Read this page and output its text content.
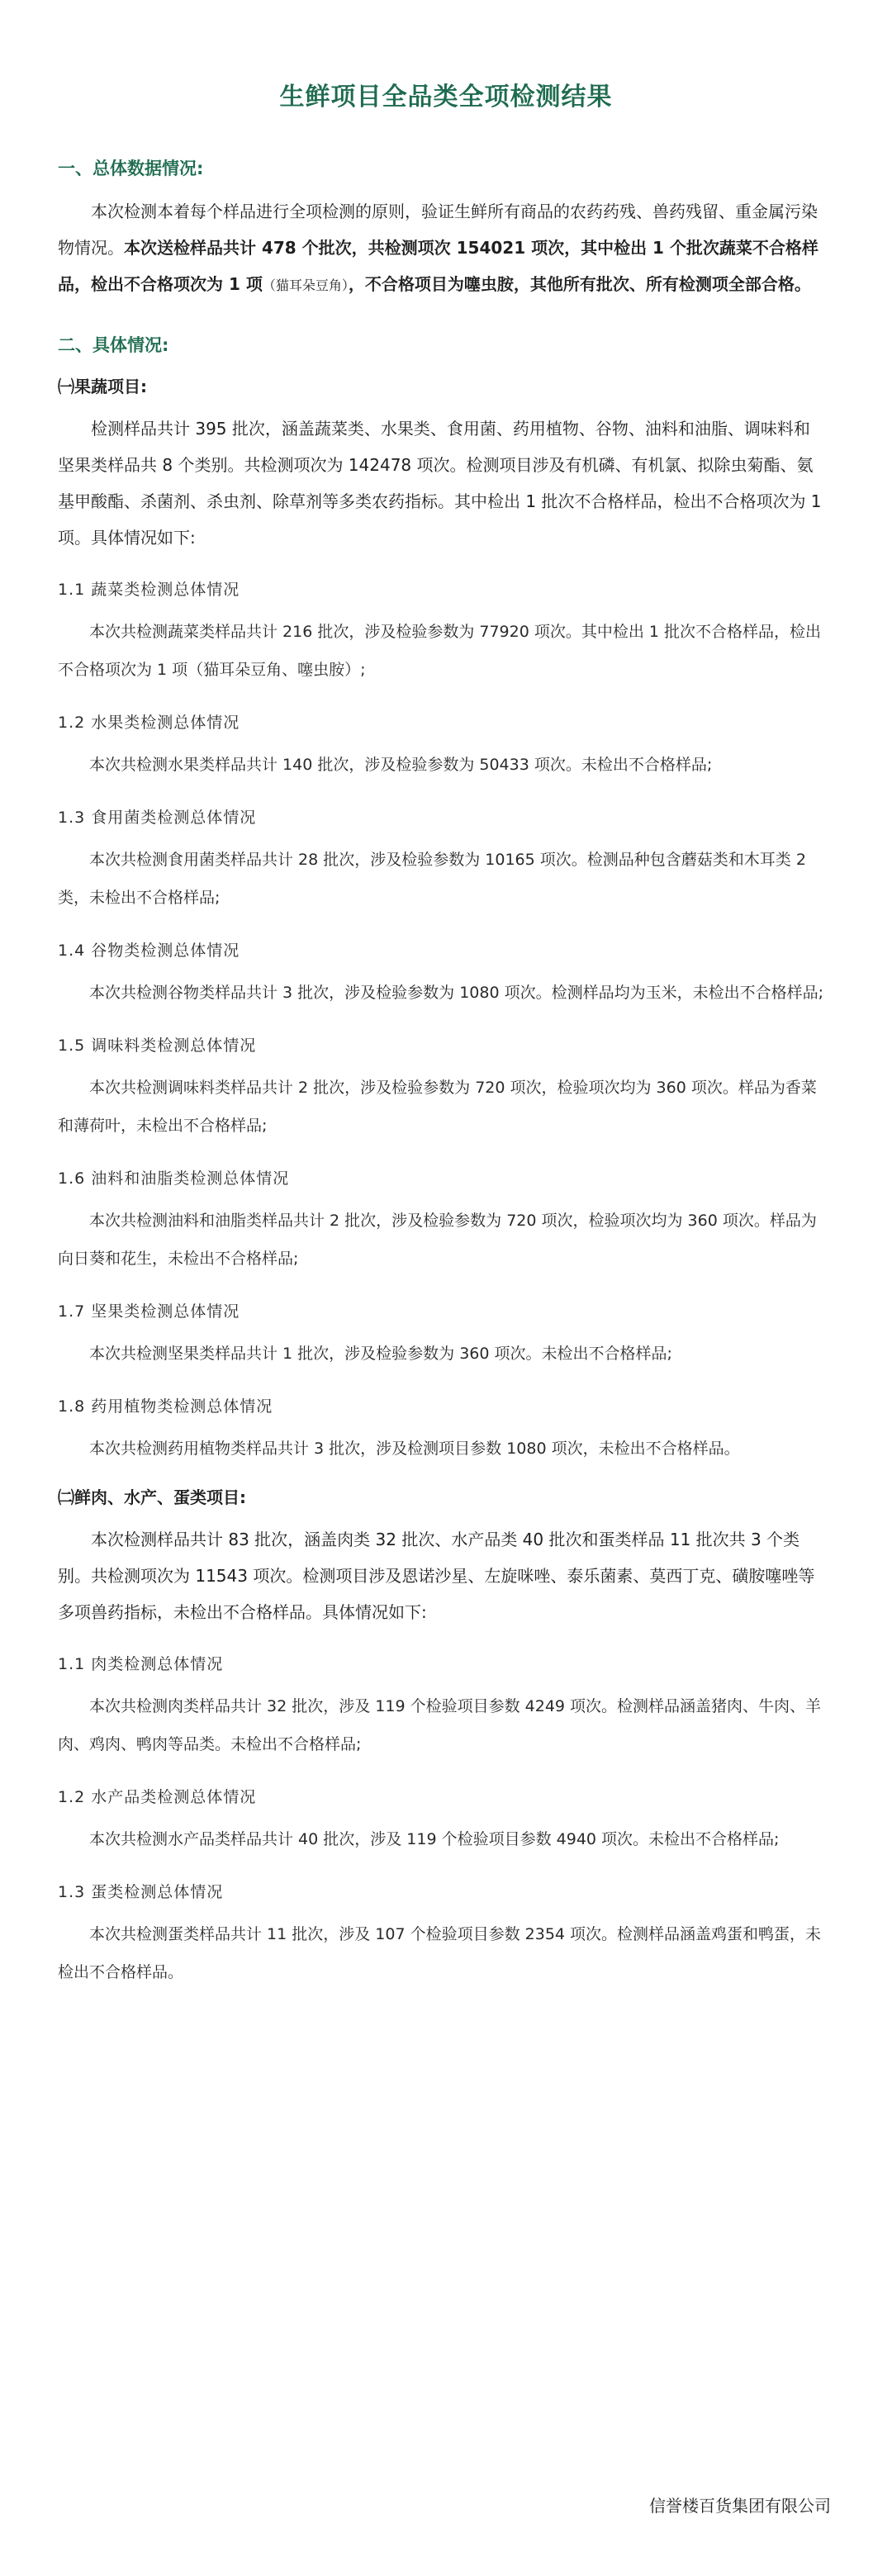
生鲜项目全品类全项检测结果
一、总体数据情况:
本次检测本着每个样品进行全项检测的原则，验证生鲜所有商品的农药药残、兽药残留、重金属污染物情况。本次送检样品共计 478 个批次，共检测项次 154021 项次，其中检出 1 个批次蔬菜不合格样品，检出不合格项次为 1 项（猫耳朵豆角），不合格项目为噻虫胺，其他所有批次、所有检测项全部合格。
二、具体情况:
㈠果蔬项目:
检测样品共计 395 批次，涵盖蔬菜类、水果类、食用菌、药用植物、谷物、油料和油脂、调味料和坚果类样品共 8 个类别。共检测项次为 142478 项次。检测项目涉及有机磷、有机氯、拟除虫菊酯、氨基甲酸酯、杀菌剂、杀虫剂、除草剂等多类农药指标。其中检出 1 批次不合格样品，检出不合格项次为 1 项。具体情况如下:
1.1 蔬菜类检测总体情况
本次共检测蔬菜类样品共计 216 批次，涉及检验参数为 77920 项次。其中检出 1 批次不合格样品，检出不合格项次为 1 项（猫耳朵豆角、噻虫胺）;
1.2 水果类检测总体情况
本次共检测水果类样品共计 140 批次，涉及检验参数为 50433 项次。未检出不合格样品;
1.3 食用菌类检测总体情况
本次共检测食用菌类样品共计 28 批次，涉及检验参数为 10165 项次。检测品种包含蘑菇类和木耳类 2 类，未检出不合格样品;
1.4 谷物类检测总体情况
本次共检测谷物类样品共计 3 批次，涉及检验参数为 1080 项次。检测样品均为玉米，未检出不合格样品;
1.5 调味料类检测总体情况
本次共检测调味料类样品共计 2 批次，涉及检验参数为 720 项次，检验项次均为 360 项次。样品为香菜和薄荷叶，未检出不合格样品;
1.6 油料和油脂类检测总体情况
本次共检测油料和油脂类样品共计 2 批次，涉及检验参数为 720 项次，检验项次均为 360 项次。样品为向日葵和花生，未检出不合格样品;
1.7 坚果类检测总体情况
本次共检测坚果类样品共计 1 批次，涉及检验参数为 360 项次。未检出不合格样品;
1.8 药用植物类检测总体情况
本次共检测药用植物类样品共计 3 批次，涉及检测项目参数 1080 项次，未检出不合格样品。
㈡鲜肉、水产、蛋类项目:
本次检测样品共计 83 批次，涵盖肉类 32 批次、水产品类 40 批次和蛋类样品 11 批次共 3 个类别。共检测项次为 11543 项次。检测项目涉及恩诺沙星、左旋咪唑、泰乐菌素、莫西丁克、磺胺噻唑等多项兽药指标，未检出不合格样品。具体情况如下:
1.1 肉类检测总体情况
本次共检测肉类样品共计 32 批次，涉及 119 个检验项目参数 4249 项次。检测样品涵盖猪肉、牛肉、羊肉、鸡肉、鸭肉等品类。未检出不合格样品;
1.2 水产品类检测总体情况
本次共检测水产品类样品共计 40 批次，涉及 119 个检验项目参数 4940 项次。未检出不合格样品;
1.3 蛋类检测总体情况
本次共检测蛋类样品共计 11 批次，涉及 107 个检验项目参数 2354 项次。检测样品涵盖鸡蛋和鸭蛋，未检出不合格样品。
信誉楼百货集团有限公司
